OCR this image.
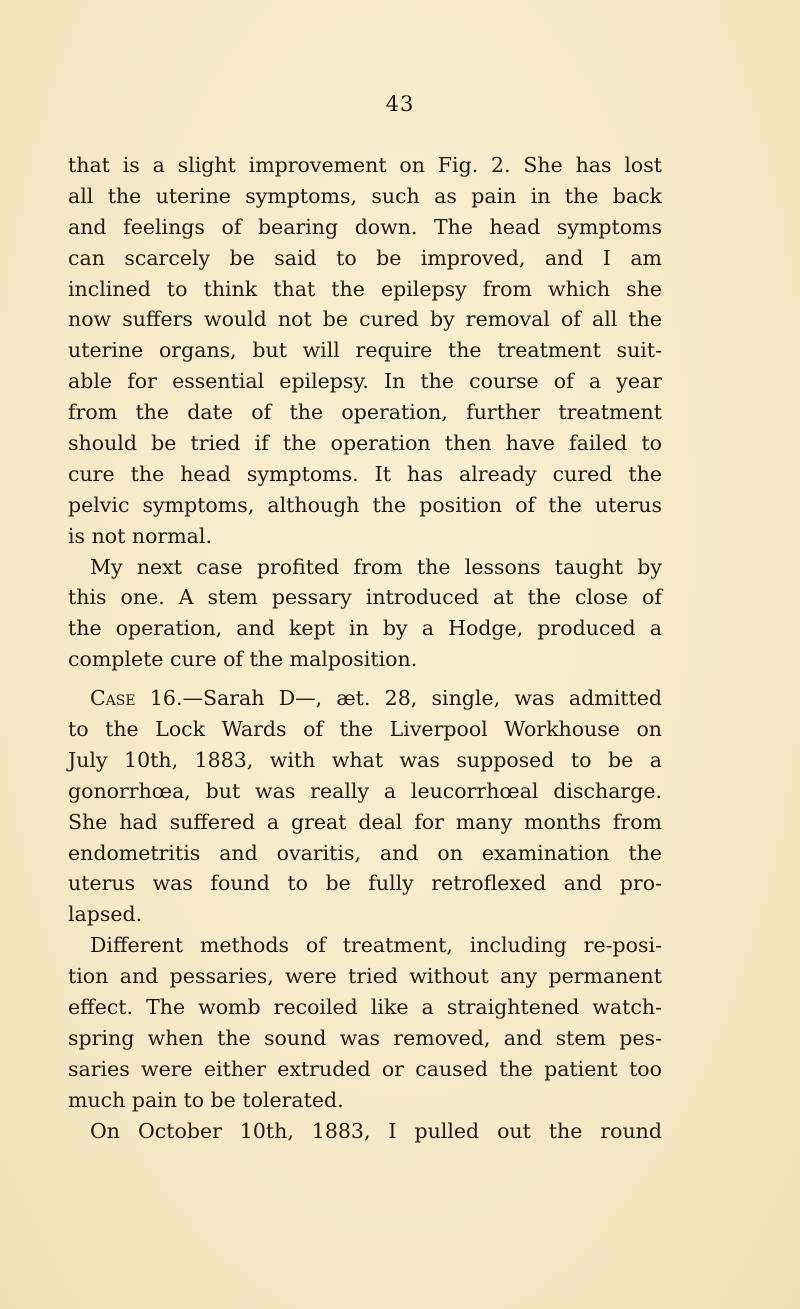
43
that is a slight improvement on Fig. 2. She has lost
all the uterine symptoms, such as pain in the back
and feelings of bearing down. The head symptoms
can scarcely be said to be improved, and I am
inclined to think that the epilepsy from which she
now suffers would not be cured by removal of all the
uterine organs, but will require the treatment suit-
able for essential epilepsy. In the course of a year
from the date of the operation, further treatment
should be tried if the operation then have failed to
cure the head symptoms. It has already cured the
pelvic symptoms, although the position of the uterus
is not normal.
My next case profited from the lessons taught by
this one. A stem pessary introduced at the close of
the operation, and kept in by a Hodge, produced a
complete cure of the malposition.
Case 16.—Sarah D—, æt. 28, single, was admitted
to the Lock Wards of the Liverpool Workhouse on
July 10th, 1883, with what was supposed to be a
gonorrhœa, but was really a leucorrhœal discharge.
She had suffered a great deal for many months from
endometritis and ovaritis, and on examination the
uterus was found to be fully retroflexed and pro-
lapsed.
Different methods of treatment, including re-posi-
tion and pessaries, were tried without any permanent
effect. The womb recoiled like a straightened watch-
spring when the sound was removed, and stem pes-
saries were either extruded or caused the patient too
much pain to be tolerated.
On October 10th, 1883, I pulled out the round
